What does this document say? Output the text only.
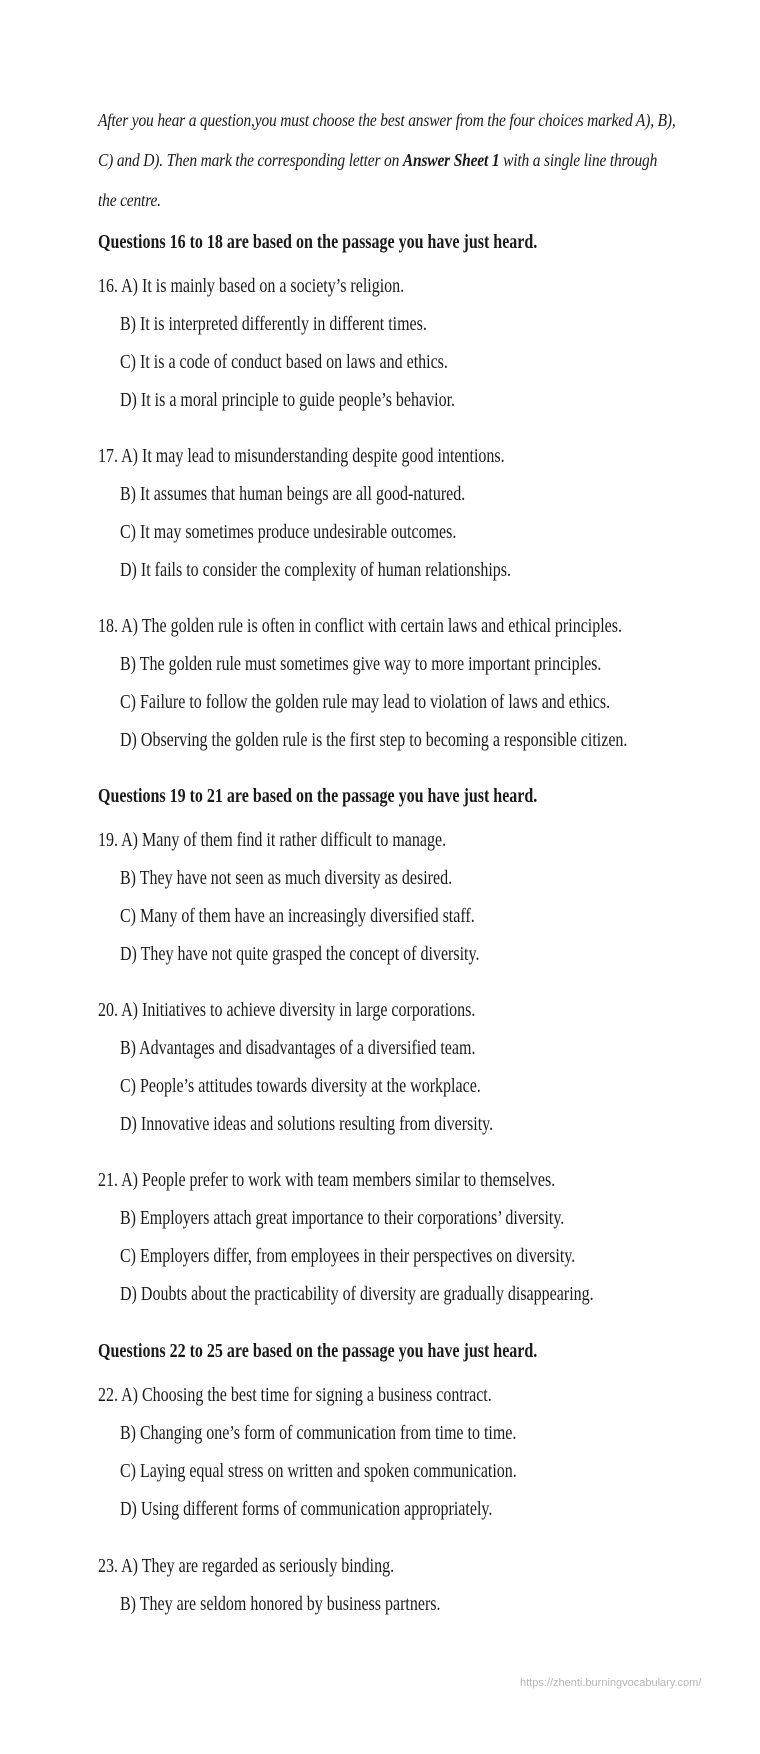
After you hear a question,you must choose the best answer from the four choices marked A), B),
C) and D). Then mark the corresponding letter on Answer Sheet 1 with a single line through
the centre.
Questions 16 to 18 are based on the passage you have just heard.
16. A) It is mainly based on a society’s religion.
B) It is interpreted differently in different times.
C) It is a code of conduct based on laws and ethics.
D) It is a moral principle to guide people’s behavior.
17. A) It may lead to misunderstanding despite good intentions.
B) It assumes that human beings are all good-natured.
C) It may sometimes produce undesirable outcomes.
D) It fails to consider the complexity of human relationships.
18. A) The golden rule is often in conflict with certain laws and ethical principles.
B) The golden rule must sometimes give way to more important principles.
C) Failure to follow the golden rule may lead to violation of laws and ethics.
D) Observing the golden rule is the first step to becoming a responsible citizen.
Questions 19 to 21 are based on the passage you have just heard.
19. A) Many of them find it rather difficult to manage.
B) They have not seen as much diversity as desired.
C) Many of them have an increasingly diversified staff.
D) They have not quite grasped the concept of diversity.
20. A) Initiatives to achieve diversity in large corporations.
B) Advantages and disadvantages of a diversified team.
C) People’s attitudes towards diversity at the workplace.
D) Innovative ideas and solutions resulting from diversity.
21. A) People prefer to work with team members similar to themselves.
B) Employers attach great importance to their corporations’ diversity.
C) Employers differ, from employees in their perspectives on diversity.
D) Doubts about the practicability of diversity are gradually disappearing.
Questions 22 to 25 are based on the passage you have just heard.
22. A) Choosing the best time for signing a business contract.
B) Changing one’s form of communication from time to time.
C) Laying equal stress on written and spoken communication.
D) Using different forms of communication appropriately.
23. A) They are regarded as seriously binding.
B) They are seldom honored by business partners.
https://zhenti.burningvocabulary.com/
